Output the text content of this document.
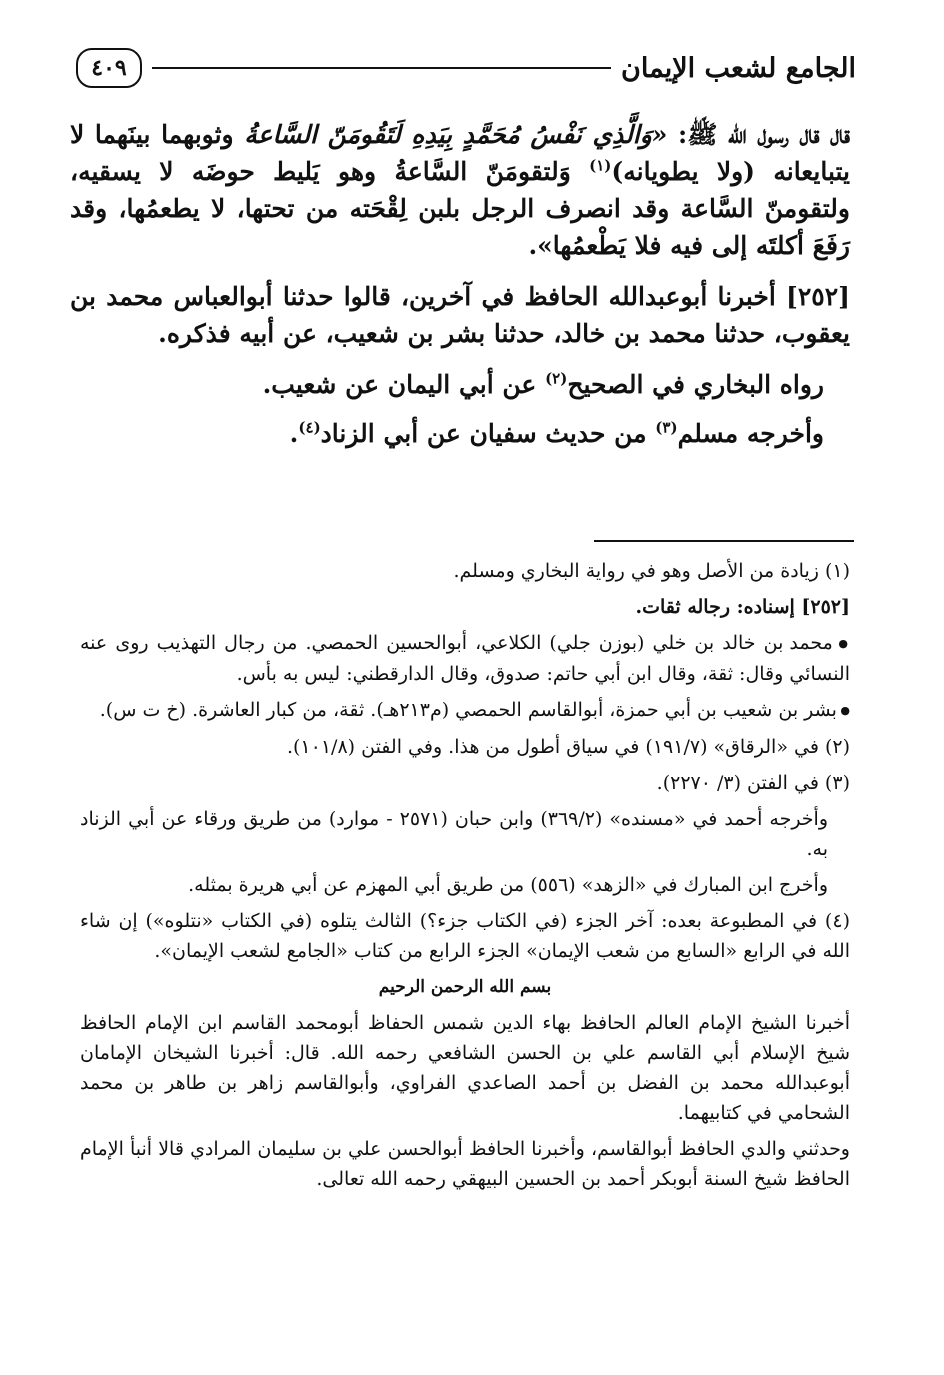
٤٠٩	الجامع لشعب الإيمان

قال قال رسول الله ﷺ: «وَالَّذِي نَفْسُ مُحَمَّدٍ بِيَدِهِ لَتَقُومَنّ السَّاعةُ وثوبهما بينَهما لا يتبايعانه (ولا يطويانه)$^{(١)}$ وَلتقومَنّ السَّاعةُ وهو يَليط حوضَه لا يسقيه، ولتقومنّ السَّاعة وقد انصرف الرجل بلبن لِقْحَته من تحتها، لا يطعمُها، وقد رَفَعَ أكلتَه إلى فيه فلا يَطْعمُها».

[٢٥٢] أخبرنا أبوعبدالله الحافظ في آخرين، قالوا حدثنا أبوالعباس محمد بن يعقوب، حدثنا محمد بن خالد، حدثنا بشر بن شعيب، عن أبيه فذكره.

رواه البخاري في الصحيح$^{(٢)}$ عن أبي اليمان عن شعيب.

وأخرجه مسلم$^{(٣)}$ من حديث سفيان عن أبي الزناد$^{(٤)}$.

(١) زيادة من الأصل وهو في رواية البخاري ومسلم.

[٢٥٢] إسناده: رجاله ثقات.

● محمد بن خالد بن خلي (بوزن جلي) الكلاعي، أبوالحسين الحمصي. من رجال التهذيب روى عنه النسائي وقال: ثقة، وقال ابن أبي حاتم: صدوق، وقال الدارقطني: ليس به بأس.

● بشر بن شعيب بن أبي حمزة، أبوالقاسم الحمصي (م٢١٣هـ). ثقة، من كبار العاشرة. (خ ت س).

(٢) في «الرقاق» (١٩١/٧) في سياق أطول من هذا. وفي الفتن (١٠١/٨).

(٣) في الفتن (٣/ ٢٢٧٠).

وأخرجه أحمد في «مسنده» (٣٦٩/٢) وابن حبان (٢٥٧١ - موارد) من طريق ورقاء عن أبي الزناد به.

وأخرج ابن المبارك في «الزهد» (٥٥٦) من طريق أبي المهزم عن أبي هريرة بمثله.

(٤) في المطبوعة بعده: آخر الجزء (في الكتاب جزء؟) الثالث يتلوه (في الكتاب «نتلوه») إن شاء الله في الرابع «السابع من شعب الإيمان» الجزء الرابع من كتاب «الجامع لشعب الإيمان».

بسم الله الرحمن الرحيم

أخبرنا الشيخ الإمام العالم الحافظ بهاء الدين شمس الحفاظ أبومحمد القاسم ابن الإمام الحافظ شيخ الإسلام أبي القاسم علي بن الحسن الشافعي رحمه الله. قال: أخبرنا الشيخان الإمامان أبوعبدالله محمد بن الفضل بن أحمد الصاعدي الفراوي، وأبوالقاسم زاهر بن طاهر بن محمد الشحامي في كتابيهما.

وحدثني والدي الحافظ أبوالقاسم، وأخبرنا الحافظ أبوالحسن علي بن سليمان المرادي قالا أنبأ الإمام الحافظ شيخ السنة أبوبكر أحمد بن الحسين البيهقي رحمه الله تعالى.
